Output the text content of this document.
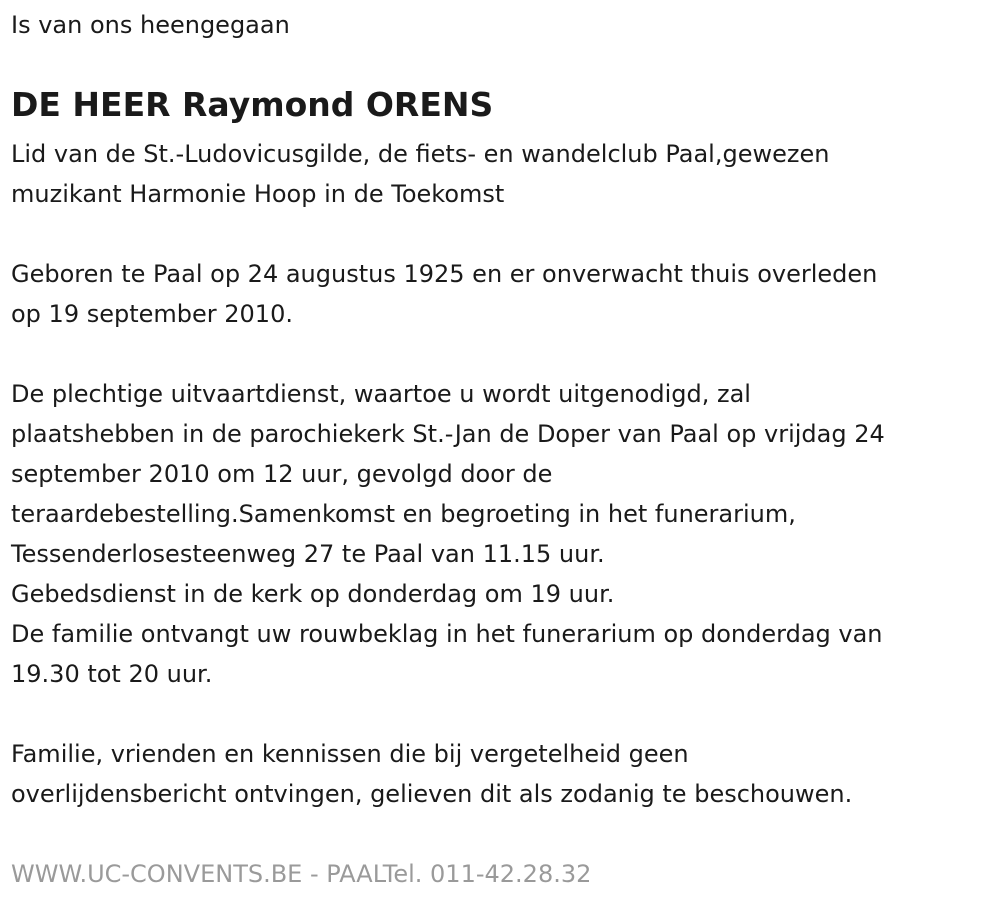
Is van ons heengegaan
DE HEER Raymond ORENS
Lid van de St.-Ludovicusgilde, de fiets- en wandelclub Paal,gewezen
muzikant Harmonie Hoop in de Toekomst
Geboren te Paal op 24 augustus 1925 en er onverwacht thuis overleden
op 19 september 2010.
De plechtige uitvaartdienst, waartoe u wordt uitgenodigd, zal
plaatshebben in de parochiekerk St.-Jan de Doper van Paal op vrijdag 24
september 2010 om 12 uur, gevolgd door de
teraardebestelling.Samenkomst en begroeting in het funerarium,
Tessenderlosesteenweg 27 te Paal van 11.15 uur.
Gebedsdienst in de kerk op donderdag om 19 uur.
De familie ontvangt uw rouwbeklag in het funerarium op donderdag van
19.30 tot 20 uur.
Familie, vrienden en kennissen die bij vergetelheid geen
overlijdensbericht ontvingen, gelieven dit als zodanig te beschouwen.
WWW.UC-CONVENTS.BE - PAALTel. 011-42.28.32
